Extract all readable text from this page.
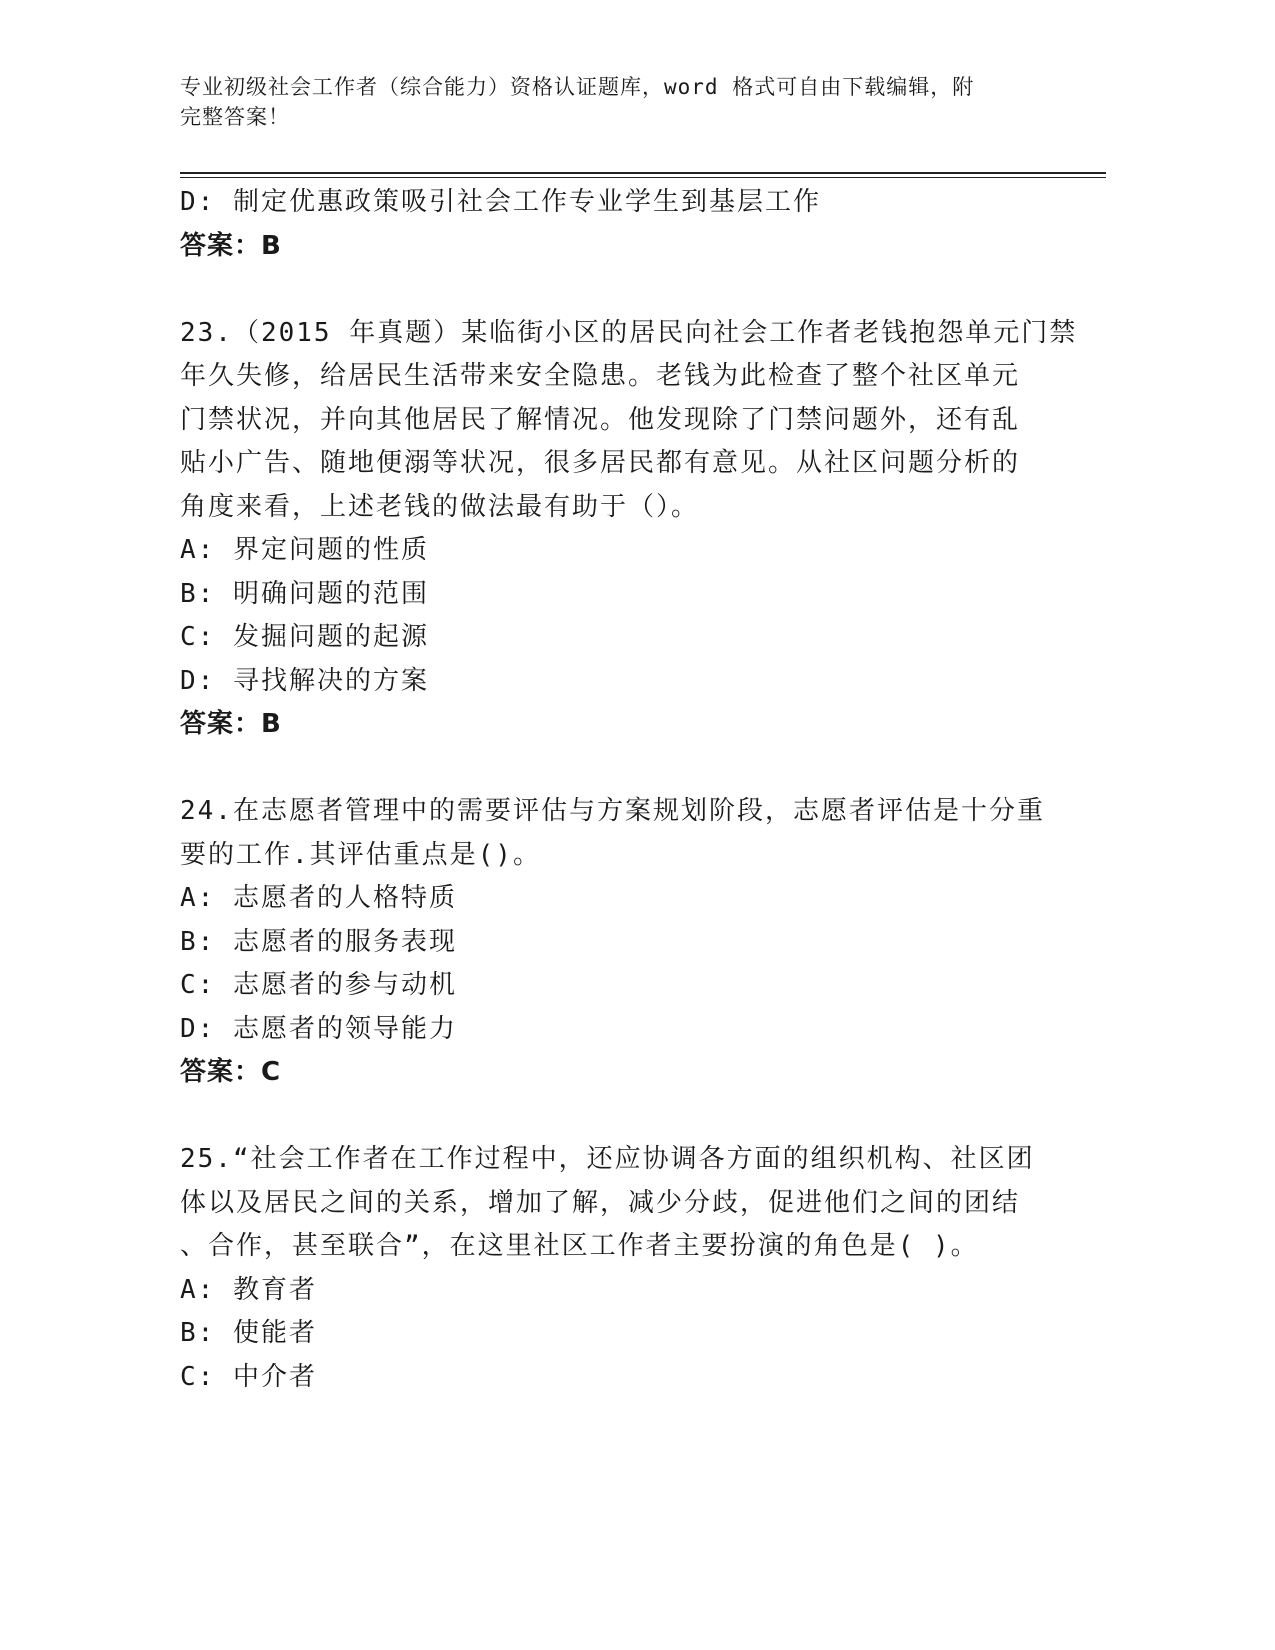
专业初级社会工作者（综合能力）资格认证题库，word 格式可自由下载编辑，附
完整答案！
D: 制定优惠政策吸引社会工作专业学生到基层工作
答案：B
23.（2015 年真题）某临街小区的居民向社会工作者老钱抱怨单元门禁
年久失修，给居民生活带来安全隐患。老钱为此检查了整个社区单元
门禁状况，并向其他居民了解情况。他发现除了门禁问题外，还有乱
贴小广告、随地便溺等状况，很多居民都有意见。从社区问题分析的
角度来看，上述老钱的做法最有助于（）。
A: 界定问题的性质
B: 明确问题的范围
C: 发掘问题的起源
D: 寻找解决的方案
答案：B
24.在志愿者管理中的需要评估与方案规划阶段，志愿者评估是十分重
要的工作.其评估重点是()。
A: 志愿者的人格特质
B: 志愿者的服务表现
C: 志愿者的参与动机
D: 志愿者的领导能力
答案：C
25.“社会工作者在工作过程中，还应协调各方面的组织机构、社区团
体以及居民之间的关系，增加了解，减少分歧，促进他们之间的团结
、合作，甚至联合”，在这里社区工作者主要扮演的角色是( )。
A: 教育者
B: 使能者
C: 中介者
